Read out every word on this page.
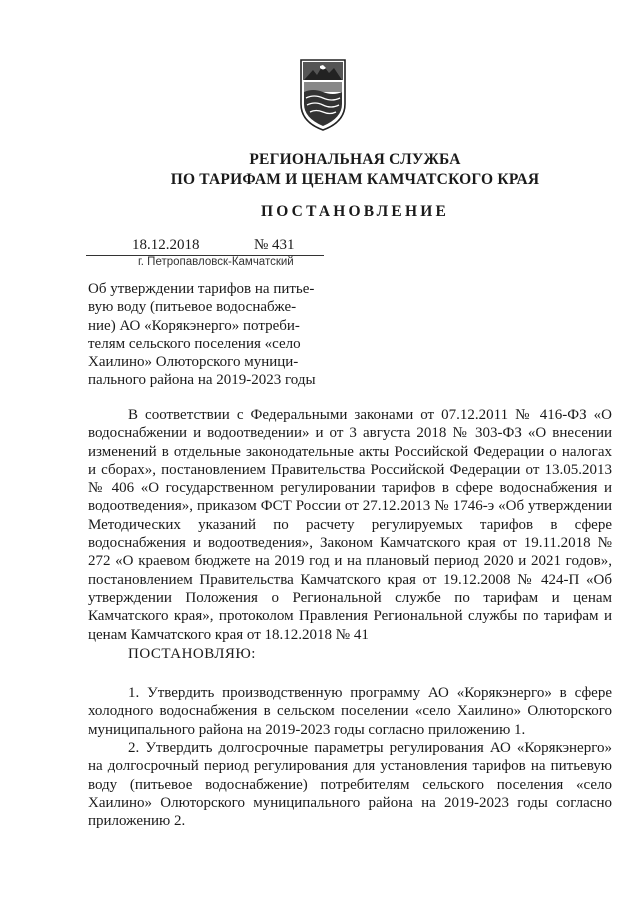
РЕГИОНАЛЬНАЯ СЛУЖБА
ПО ТАРИФАМ И ЦЕНАМ КАМЧАТСКОГО КРАЯ
ПОСТАНОВЛЕНИЕ
18.12.2018	№ 431
г. Петропавловск-Камчатский
Об утверждении тарифов на питье-
вую воду (питьевое водоснабже-
ние) АО «Корякэнерго» потреби-
телям сельского поселения «село
Хаилино» Олюторского муници-
пального района на 2019-2023 годы
В соответствии с Федеральными законами от 07.12.2011 № 416-ФЗ «О водоснабжении и водоотведении» и от 3 августа 2018 № 303-ФЗ «О внесении изменений в отдельные законодательные акты Российской Федерации о налогах и сборах», постановлением Правительства Российской Федерации от 13.05.2013 № 406 «О государственном регулировании тарифов в сфере водоснабжения и водоотведения», приказом ФСТ России от 27.12.2013 № 1746-э «Об утверждении Методических указаний по расчету регулируемых тарифов в сфере водоснабжения и водоотведения», Законом Камчатского края от 19.11.2018 № 272 «О краевом бюджете на 2019 год и на плановый период 2020 и 2021 годов», постановлением Правительства Камчатского края от 19.12.2008 № 424-П «Об утверждении Положения о Региональной службе по тарифам и ценам Камчатского края», протоколом Правления Региональной службы по тарифам и ценам Камчатского края от 18.12.2018 № 41
ПОСТАНОВЛЯЮ:
1. Утвердить производственную программу АО «Корякэнерго» в сфере холодного водоснабжения в сельском поселении «село Хаилино» Олюторского муниципального района на 2019-2023 годы согласно приложению 1.
2. Утвердить долгосрочные параметры регулирования АО «Корякэнерго» на долгосрочный период регулирования для установления тарифов на питьевую воду (питьевое водоснабжение) потребителям сельского поселения «село Хаилино» Олюторского муниципального района на 2019-2023 годы согласно приложению 2.
